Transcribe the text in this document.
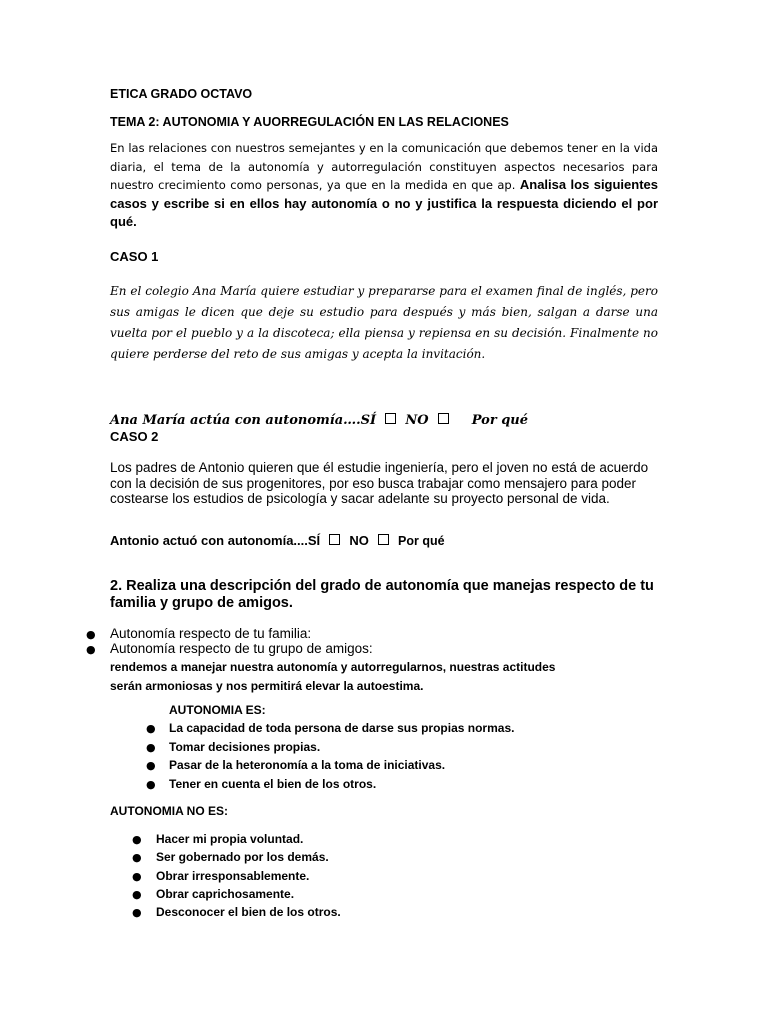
ETICA GRADO OCTAVO
TEMA 2: AUTONOMIA Y AUORREGULACIÓN EN LAS RELACIONES
En las relaciones con nuestros semejantes y en la comunicación que debemos tener en la vida diaria, el tema de la autonomía y autorregulación constituyen aspectos necesarios para nuestro crecimiento como personas, ya que en la medida en que ap. Analisa los siguientes casos y escribe si en ellos hay autonomía o no y justifica la respuesta diciendo el por qué.
CASO 1
En el colegio Ana María quiere estudiar y prepararse para el examen final de inglés, pero sus amigas le dicen que deje su estudio para después y más bien, salgan a darse una vuelta por el pueblo y a la discoteca; ella piensa y repiensa en su decisión. Finalmente no quiere perderse del reto de sus amigas y acepta la invitación.
Ana María actúa con autonomía….SÍ NO	Por qué
CASO 2
Los padres de Antonio quieren que él estudie ingeniería, pero el joven no está de acuerdo con la decisión de sus progenitores, por eso busca trabajar como mensajero para poder costearse los estudios de psicología y sacar adelante su proyecto personal de vida.
Antonio actuó con autonomía....SÍ NO Por qué
2. Realiza una descripción del grado de autonomía que manejas respecto de tu familia y grupo de amigos.
● Autonomía respecto de tu familia:
● Autonomía respecto de tu grupo de amigos:
rendemos a manejar nuestra autonomía y autorregularnos, nuestras actitudes serán armoniosas y nos permitirá elevar la autoestima.
AUTONOMIA ES:
● La capacidad de toda persona de darse sus propias normas.
● Tomar decisiones propias.
● Pasar de la heteronomía a la toma de iniciativas.
● Tener en cuenta el bien de los otros.
AUTONOMIA NO ES:
● Hacer mi propia voluntad.
● Ser gobernado por los demás.
● Obrar irresponsablemente.
● Obrar caprichosamente.
● Desconocer el bien de los otros.
